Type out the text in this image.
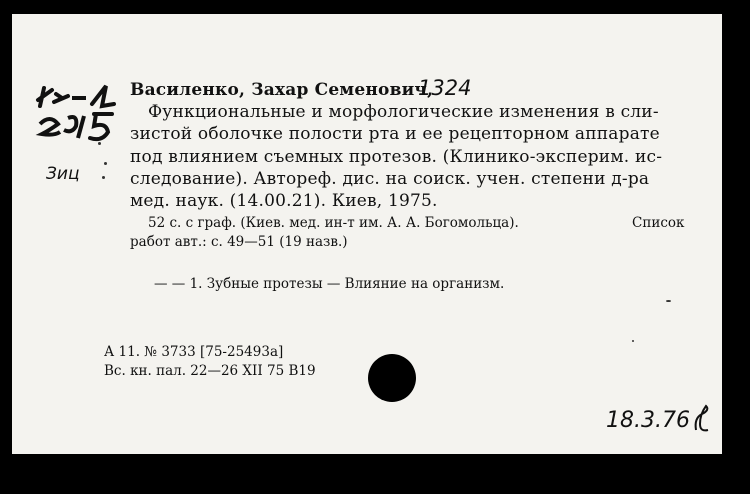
Зиц
Василенко, Захар Семенович,
1324
Функциональные и морфологические изменения в сли-
зистой оболочке полости рта и ее рецепторном аппарате
под влиянием съемных протезов. (Клинико-эксперим. ис-
следование). Автореф. дис. на соиск. учен. степени д-ра
мед. наук. (14.00.21). Киев, 1975.
52 с. с граф. (Киев. мед. ин-т им. А. А. Богомольца).	Список
работ авт.: с. 49—51 (19 назв.)
— — 1. Зубные протезы — Влияние на организм.
А 11. № 3733 [75-25493а]
Вс. кн. пал. 22—26 XII 75 В19
18.3.76
